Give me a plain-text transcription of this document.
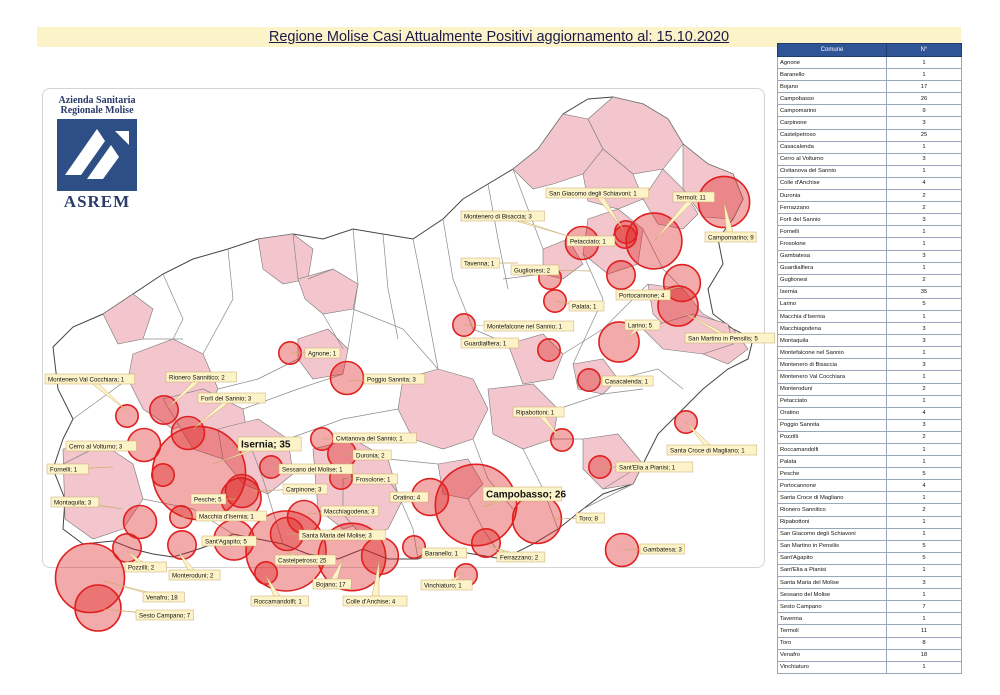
Regione Molise Casi Attualmente Positivi aggiornamento al: 15.10.2020
San Giacomo degli Schiavoni; 1
Termoli; 11
Montenero di Bisaccia; 3
Petacciato; 1
Campomarino; 9
Tavenna; 1
Guglionesi; 2
Portocannone; 4
Palata; 1
Montefalcone nel Sannio; 1	Larino; 5
Guardialfiera; 1
San Martino in Pensilis; 5
Agnone; 1
Poggio Sannita; 3	Casacalenda; 1
Montenero Val Cocchiara; 1	Rionero Sannitico; 2
Forlì del Sannio; 3
Ripabottoni; 1
Civitanova del Sannio; 1
Isernia; 35
Cerro al Volturno; 3
Duronia; 2
Sant'Elia a Pianisi; 1
Santa Croce di Magliano; 1
Fornelli; 1	Sessano del Molise; 1
Frosolone; 1
Carpinone; 3	Campobasso; 26
Oratino; 4
Montaquila; 3	Pesche; 5
Macchiagodena; 3
Toro; 8
Macchia d'Isernia; 1
Santa Maria del Molise; 3
Sant'Agapito; 5
Gambatesa; 3
Baranello; 1
Ferrazzano; 2
Castelpetroso; 25
Pozzilli; 2
Monteroduni; 2
Bojano; 17	Vinchiaturo; 1
Venafro; 18
Roccamandolfi; 1	Colle d'Anchise; 4
Sesto Campano; 7
Azienda Sanitaria
Regionale Molise
ASREM
Comune	N°
Agnone	1
Baranello	1
Bojano	17
Campobasso	26
Campomarino	9
Carpinone	3
Castelpetroso	25
Casacalenda	1
Cerro al Volturno	3
Civitanova del Sannio	1
Colle d'Anchise	4
Duronia	2
Ferrazzano	2
Forlì del Sannio	3
Fornelli	1
Frosolone	1
Gambatesa	3
Guardialfiera	1
Guglionesi	2
Isernia	35
Larino	5
Macchia d'Isernia	1
Macchiagodena	3
Montaquila	3
Montefalcone nel Sannio	1
Montenero di Bisaccia	3
Montenero Val Cocchiara	1
Monteroduni	2
Petacciato	1
Oratino	4
Poggio Sannita	3
Pozzilli	2
Roccamandolfi	1
Palata	1
Pesche	5
Portocannone	4
Santa Croce di Magliano	1
Rionero Sannitico	2
Ripabottoni	1
San Giacomo degli Schiavoni	1
San Martino in Pensilis	5
Sant'Agapito	5
Sant'Elia a Pianisi	1
Santa Maria del Molise	3
Sessano del Molise	1
Sesto Campano	7
Tavenna	1
Termoli	11
Toro	8
Venafro	18
Vinchiaturo	1
